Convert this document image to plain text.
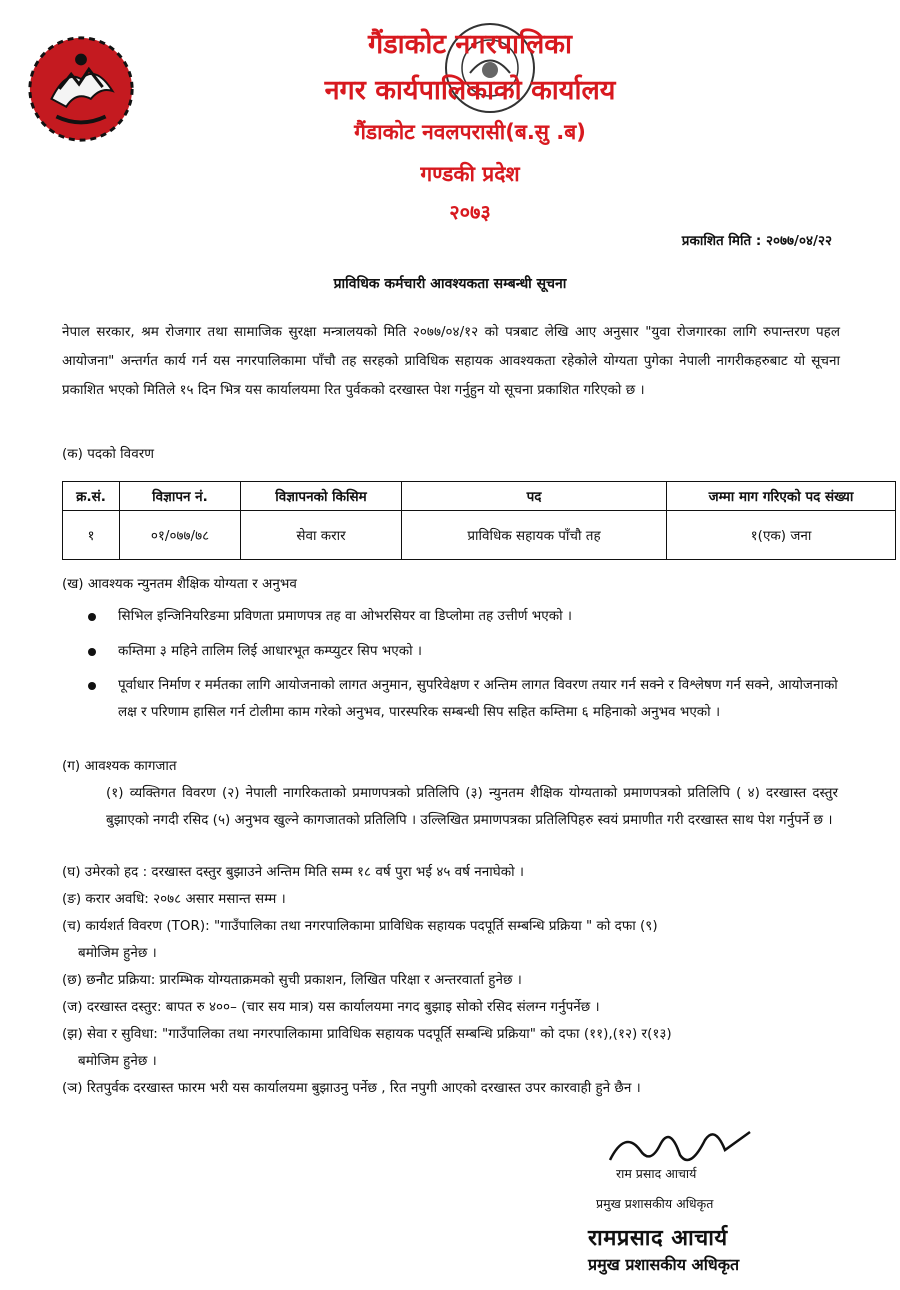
गैंडाकोट नगरपालिका
नगर कार्यपालिकाको कार्यालय
गैंडाकोट नवलपरासी(ब.सु .ब)
गण्डकी प्रदेश
२०७३
प्रकाशित मिति : २०७७/०४/२२
प्राविधिक कर्मचारी आवश्यकता सम्बन्धी सूचना
नेपाल सरकार, श्रम रोजगार तथा सामाजिक सुरक्षा मन्त्रालयको मिति २०७७/०४/१२ को पत्रबाट लेखि आए अनुसार "युवा रोजगारका लागि रुपान्तरण पहल आयोजना" अन्तर्गत कार्य गर्न यस नगरपालिकामा पाँचौ तह सरहको प्राविधिक सहायक आवश्यकता रहेकोले योग्यता पुगेका नेपाली नागरीकहरुबाट यो सूचना प्रकाशित भएको मितिले १५ दिन भित्र यस कार्यालयमा रित पुर्वकको दरखास्त पेश गर्नुहुन यो सूचना प्रकाशित गरिएको छ ।
(क) पदको विवरण
क्र.सं.	विज्ञापन नं.	विज्ञापनको किसिम	पद	जम्मा माग गरिएको पद संख्या
१	०१/०७७/७८	सेवा करार	प्राविधिक सहायक पाँचौ तह	१(एक) जना
(ख) आवश्यक न्युनतम शैक्षिक योग्यता र अनुभव
सिभिल इन्जिनियरिङमा प्रविणता प्रमाणपत्र तह वा ओभरसियर वा डिप्लोमा तह उत्तीर्ण भएको ।
कम्तिमा ३ महिने तालिम लिई आधारभूत कम्प्युटर सिप भएको ।
पूर्वाधार निर्माण र मर्मतका लागि आयोजनाको लागत अनुमान, सुपरिवेक्षण र अन्तिम लागत विवरण तयार गर्न सक्ने र विश्लेषण गर्न सक्ने, आयोजनाको लक्ष र परिणाम हासिल गर्न टोलीमा काम गरेको अनुभव, पारस्परिक सम्बन्धी सिप सहित कम्तिमा ६ महिनाको अनुभव भएको ।
(ग) आवश्यक कागजात
(१) व्यक्तिगत विवरण (२) नेपाली नागरिकताको प्रमाणपत्रको प्रतिलिपि (३) न्युनतम शैक्षिक योग्यताको प्रमाणपत्रको प्रतिलिपि ( ४) दरखास्त दस्तुर बुझाएको नगदी रसिद (५) अनुभव खुल्ने कागजातको प्रतिलिपि । उल्लिखित प्रमाणपत्रका प्रतिलिपिहरु स्वयं प्रमाणीत गरी दरखास्त साथ पेश गर्नुपर्ने छ ।
(घ) उमेरको हद : दरखास्त दस्तुर बुझाउने अन्तिम मिति सम्म १८ वर्ष पुरा भई ४५ वर्ष ननाघेको ।
(ङ) करार अवधि: २०७८ असार मसान्त सम्म ।
(च) कार्यशर्त विवरण (TOR): "गाउँपालिका तथा नगरपालिकामा प्राविधिक सहायक पदपूर्ति सम्बन्धि प्रक्रिया " को दफा (९)
बमोजिम हुनेछ ।
(छ) छनौट प्रक्रिया: प्रारम्भिक योग्यताक्रमको सुची प्रकाशन, लिखित परिक्षा र अन्तरवार्ता हुनेछ ।
(ज) दरखास्त दस्तुर: बापत रु ४००– (चार सय मात्र) यस कार्यालयमा नगद बुझाइ सोको रसिद संलग्न गर्नुपर्नेछ ।
(झ) सेवा र सुविधा: "गाउँपालिका तथा नगरपालिकामा प्राविधिक सहायक पदपूर्ति सम्बन्धि प्रक्रिया" को दफा (११),(१२) र(१३)
बमोजिम हुनेछ ।
(ञ) रितपुर्वक दरखास्त फारम भरी यस कार्यालयमा बुझाउनु पर्नेछ , रित नपुगी आएको दरखास्त उपर कारवाही हुने छैन ।
राम प्रसाद आचार्य
प्रमुख प्रशासकीय अधिकृत
रामप्रसाद आचार्य
प्रमुख प्रशासकीय अधिकृत
